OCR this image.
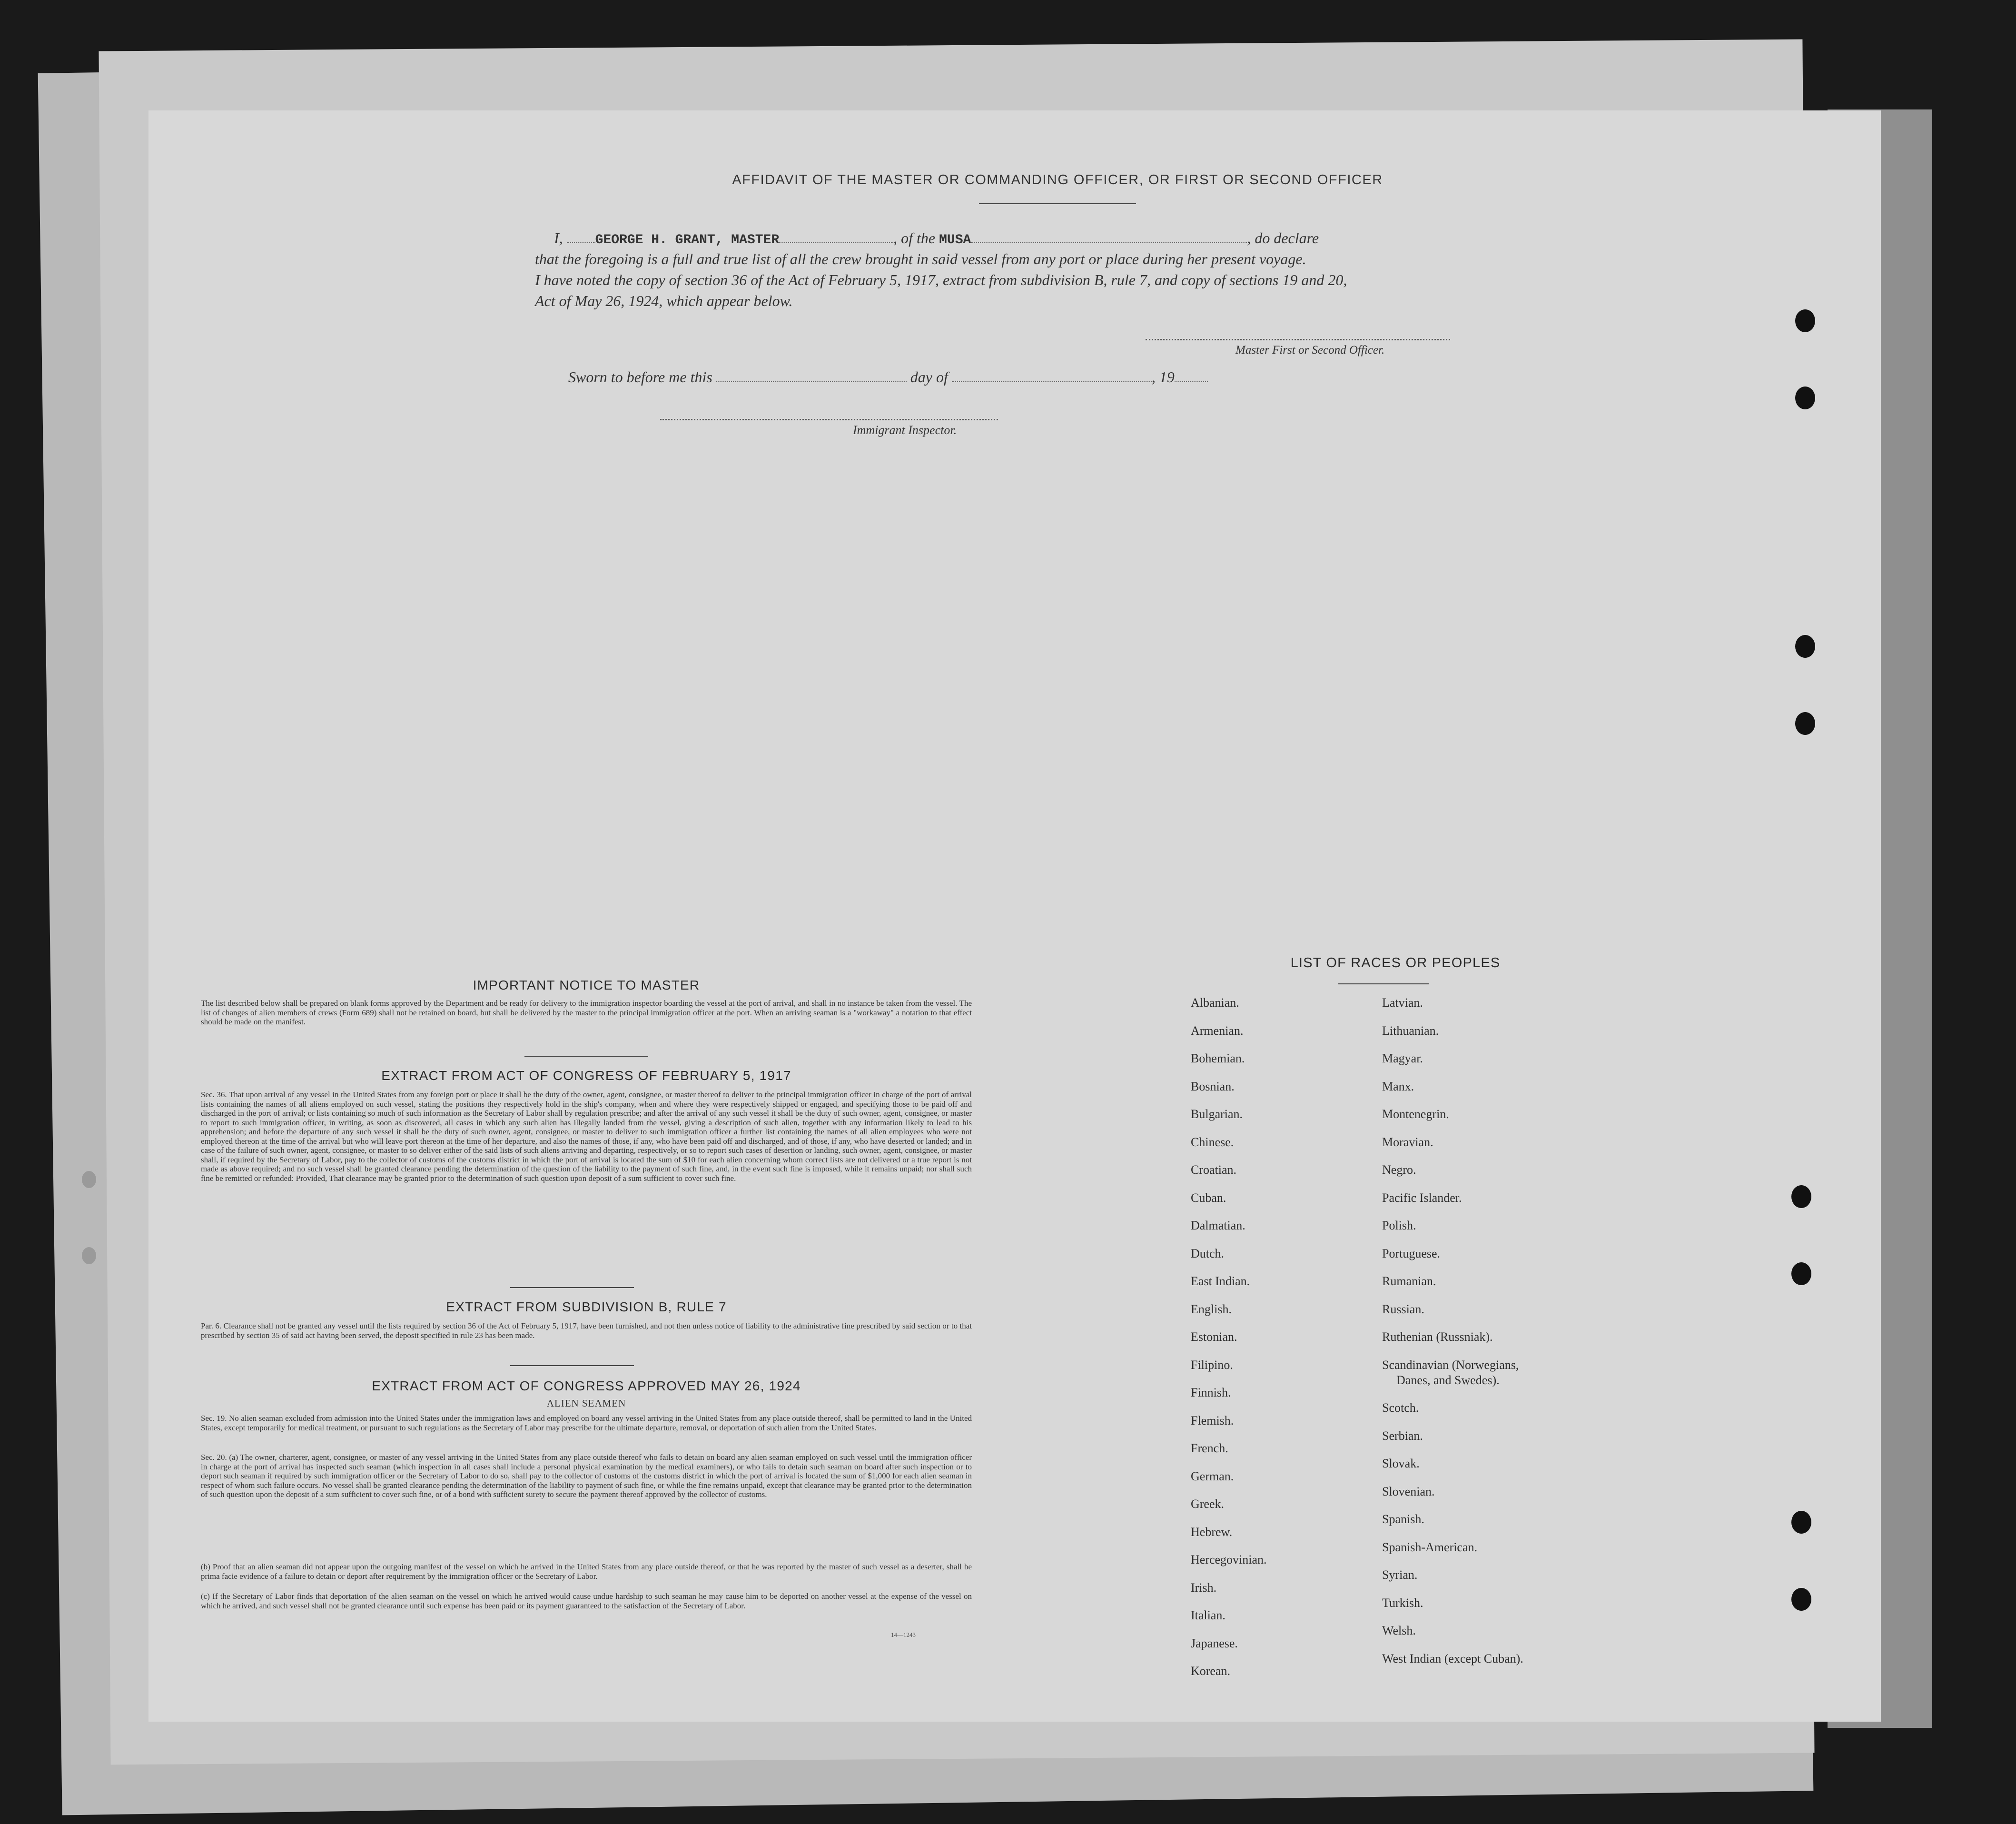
AFFIDAVIT OF THE MASTER OR COMMANDING OFFICER, OR FIRST OR SECOND OFFICER
I, GEORGE H. GRANT, MASTER	, of the MUSA	, do declare
that the foregoing is a full and true list of all the crew brought in said vessel from any port or place during her present voyage.
I have noted the copy of section 36 of the Act of February 5, 1917, extract from subdivision B, rule 7, and copy of sections 19 and 20,
Act of May 26, 1924, which appear below.
Master First or Second Officer.
Sworn to before me this	day of	, 19
Immigrant Inspector.
IMPORTANT NOTICE TO MASTER
The list described below shall be prepared on blank forms approved by the Department and be ready for delivery to the immigration inspector boarding the vessel at the port of arrival, and shall in no instance be taken from the vessel. The list of changes of alien members of crews (Form 689) shall not be retained on board, but shall be delivered by the master to the principal immigration officer at the port. When an arriving seaman is a "workaway" a notation to that effect should be made on the manifest.
EXTRACT FROM ACT OF CONGRESS OF FEBRUARY 5, 1917
Sec. 36. That upon arrival of any vessel in the United States from any foreign port or place it shall be the duty of the owner, agent, consignee, or master thereof to deliver to the principal immigration officer in charge of the port of arrival lists containing the names of all aliens employed on such vessel, stating the positions they respectively hold in the ship's company, when and where they were respectively shipped or engaged, and specifying those to be paid off and discharged in the port of arrival; or lists containing so much of such information as the Secretary of Labor shall by regulation prescribe; and after the arrival of any such vessel it shall be the duty of such owner, agent, consignee, or master to report to such immigration officer, in writing, as soon as discovered, all cases in which any such alien has illegally landed from the vessel, giving a description of such alien, together with any information likely to lead to his apprehension; and before the departure of any such vessel it shall be the duty of such owner, agent, consignee, or master to deliver to such immigration officer a further list containing the names of all alien employees who were not employed thereon at the time of the arrival but who will leave port thereon at the time of her departure, and also the names of those, if any, who have been paid off and discharged, and of those, if any, who have deserted or landed; and in case of the failure of such owner, agent, consignee, or master to so deliver either of the said lists of such aliens arriving and departing, respectively, or so to report such cases of desertion or landing, such owner, agent, consignee, or master shall, if required by the Secretary of Labor, pay to the collector of customs of the customs district in which the port of arrival is located the sum of $10 for each alien concerning whom correct lists are not delivered or a true report is not made as above required; and no such vessel shall be granted clearance pending the determination of the question of the liability to the payment of such fine, and, in the event such fine is imposed, while it remains unpaid; nor shall such fine be remitted or refunded: Provided, That clearance may be granted prior to the determination of such question upon deposit of a sum sufficient to cover such fine.
EXTRACT FROM SUBDIVISION B, RULE 7
Par. 6. Clearance shall not be granted any vessel until the lists required by section 36 of the Act of February 5, 1917, have been furnished, and not then unless notice of liability to the administrative fine prescribed by said section or to that prescribed by section 35 of said act having been served, the deposit specified in rule 23 has been made.
EXTRACT FROM ACT OF CONGRESS APPROVED MAY 26, 1924
ALIEN SEAMEN
Sec. 19. No alien seaman excluded from admission into the United States under the immigration laws and employed on board any vessel arriving in the United States from any place outside thereof, shall be permitted to land in the United States, except temporarily for medical treatment, or pursuant to such regulations as the Secretary of Labor may prescribe for the ultimate departure, removal, or deportation of such alien from the United States.
Sec. 20. (a) The owner, charterer, agent, consignee, or master of any vessel arriving in the United States from any place outside thereof who fails to detain on board any alien seaman employed on such vessel until the immigration officer in charge at the port of arrival has inspected such seaman (which inspection in all cases shall include a personal physical examination by the medical examiners), or who fails to detain such seaman on board after such inspection or to deport such seaman if required by such immigration officer or the Secretary of Labor to do so, shall pay to the collector of customs of the customs district in which the port of arrival is located the sum of $1,000 for each alien seaman in respect of whom such failure occurs. No vessel shall be granted clearance pending the determination of the liability to payment of such fine, or while the fine remains unpaid, except that clearance may be granted prior to the determination of such question upon the deposit of a sum sufficient to cover such fine, or of a bond with sufficient surety to secure the payment thereof approved by the collector of customs.
(b) Proof that an alien seaman did not appear upon the outgoing manifest of the vessel on which he arrived in the United States from any place outside thereof, or that he was reported by the master of such vessel as a deserter, shall be prima facie evidence of a failure to detain or deport after requirement by the immigration officer or the Secretary of Labor.
(c) If the Secretary of Labor finds that deportation of the alien seaman on the vessel on which he arrived would cause undue hardship to such seaman he may cause him to be deported on another vessel at the expense of the vessel on which he arrived, and such vessel shall not be granted clearance until such expense has been paid or its payment guaranteed to the satisfaction of the Secretary of Labor.
14—1243
LIST OF RACES OR PEOPLES
Albanian.
Armenian.
Bohemian.
Bosnian.
Bulgarian.
Chinese.
Croatian.
Cuban.
Dalmatian.
Dutch.
East Indian.
English.
Estonian.
Filipino.
Finnish.
Flemish.
French.
German.
Greek.
Hebrew.
Hercegovinian.
Irish.
Italian.
Japanese.
Korean.
Latvian.
Lithuanian.
Magyar.
Manx.
Montenegrin.
Moravian.
Negro.
Pacific Islander.
Polish.
Portuguese.
Rumanian.
Russian.
Ruthenian (Russniak).
Scandinavian (Norwegians,
Danes, and Swedes).
Scotch.
Serbian.
Slovak.
Slovenian.
Spanish.
Spanish-American.
Syrian.
Turkish.
Welsh.
West Indian (except Cuban).
